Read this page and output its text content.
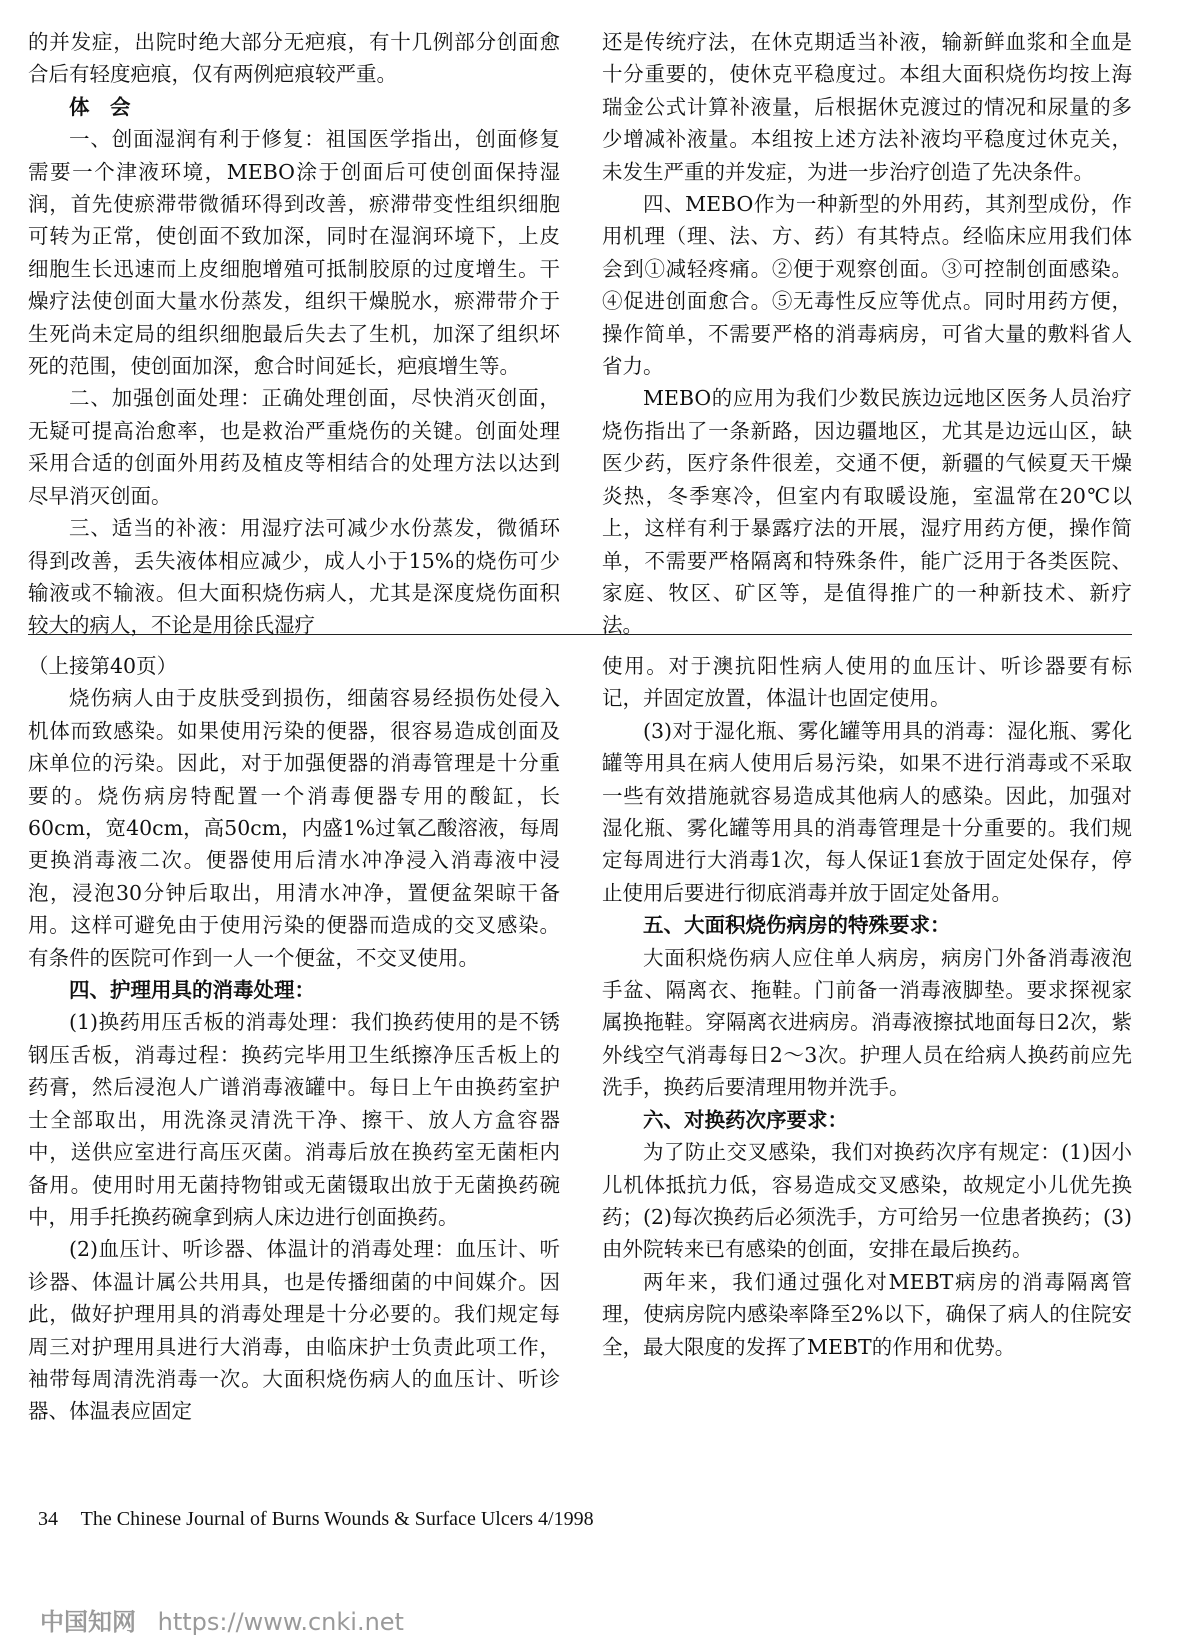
的并发症，出院时绝大部分无疤痕，有十几例部分创面愈合后有轻度疤痕，仅有两例疤痕较严重。

体　会

一、创面湿润有利于修复：祖国医学指出，创面修复需要一个津液环境，MEBO涂于创面后可使创面保持湿润，首先使瘀滞带微循环得到改善，瘀滞带变性组织细胞可转为正常，使创面不致加深，同时在湿润环境下，上皮细胞生长迅速而上皮细胞增殖可抵制胶原的过度增生。干燥疗法使创面大量水份蒸发，组织干燥脱水，瘀滞带介于生死尚未定局的组织细胞最后失去了生机，加深了组织坏死的范围，使创面加深，愈合时间延长，疤痕增生等。

二、加强创面处理：正确处理创面，尽快消灭创面，无疑可提高治愈率，也是救治严重烧伤的关键。创面处理采用合适的创面外用药及植皮等相结合的处理方法以达到尽早消灭创面。

三、适当的补液：用湿疗法可减少水份蒸发，微循环得到改善，丢失液体相应减少，成人小于15%的烧伤可少输液或不输液。但大面积烧伤病人，尤其是深度烧伤面积较大的病人，不论是用徐氏湿疗

还是传统疗法，在休克期适当补液，输新鲜血浆和全血是十分重要的，使休克平稳度过。本组大面积烧伤均按上海瑞金公式计算补液量，后根据休克渡过的情况和尿量的多少增减补液量。本组按上述方法补液均平稳度过休克关，未发生严重的并发症，为进一步治疗创造了先决条件。

四、MEBO作为一种新型的外用药，其剂型成份，作用机理（理、法、方、药）有其特点。经临床应用我们体会到①减轻疼痛。②便于观察创面。③可控制创面感染。④促进创面愈合。⑤无毒性反应等优点。同时用药方便，操作简单，不需要严格的消毒病房，可省大量的敷料省人省力。

MEBO的应用为我们少数民族边远地区医务人员治疗烧伤指出了一条新路，因边疆地区，尤其是边远山区，缺医少药，医疗条件很差，交通不便，新疆的气候夏天干燥炎热，冬季寒冷，但室内有取暖设施，室温常在20℃以上，这样有利于暴露疗法的开展，湿疗用药方便，操作简单，不需要严格隔离和特殊条件，能广泛用于各类医院、家庭、牧区、矿区等，是值得推广的一种新技术、新疗法。

（上接第40页）

烧伤病人由于皮肤受到损伤，细菌容易经损伤处侵入机体而致感染。如果使用污染的便器，很容易造成创面及床单位的污染。因此，对于加强便器的消毒管理是十分重要的。烧伤病房特配置一个消毒便器专用的酸缸，长60cm，宽40cm，高50cm，内盛1%过氧乙酸溶液，每周更换消毒液二次。便器使用后清水冲净浸入消毒液中浸泡，浸泡30分钟后取出，用清水冲净，置便盆架晾干备用。这样可避免由于使用污染的便器而造成的交叉感染。有条件的医院可作到一人一个便盆，不交叉使用。

四、护理用具的消毒处理：

(1)换药用压舌板的消毒处理：我们换药使用的是不锈钢压舌板，消毒过程：换药完毕用卫生纸擦净压舌板上的药膏，然后浸泡人广谱消毒液罐中。每日上午由换药室护士全部取出，用洗涤灵清洗干净、擦干、放人方盒容器中，送供应室进行高压灭菌。消毒后放在换药室无菌柜内备用。使用时用无菌持物钳或无菌镊取出放于无菌换药碗中，用手托换药碗拿到病人床边进行创面换药。

(2)血压计、听诊器、体温计的消毒处理：血压计、听诊器、体温计属公共用具，也是传播细菌的中间媒介。因此，做好护理用具的消毒处理是十分必要的。我们规定每周三对护理用具进行大消毒，由临床护士负责此项工作，袖带每周清洗消毒一次。大面积烧伤病人的血压计、听诊器、体温表应固定

使用。对于澳抗阳性病人使用的血压计、听诊器要有标记，并固定放置，体温计也固定使用。

(3)对于湿化瓶、雾化罐等用具的消毒：湿化瓶、雾化罐等用具在病人使用后易污染，如果不进行消毒或不采取一些有效措施就容易造成其他病人的感染。因此，加强对湿化瓶、雾化罐等用具的消毒管理是十分重要的。我们规定每周进行大消毒1次，每人保证1套放于固定处保存，停止使用后要进行彻底消毒并放于固定处备用。

五、大面积烧伤病房的特殊要求：

大面积烧伤病人应住单人病房，病房门外备消毒液泡手盆、隔离衣、拖鞋。门前备一消毒液脚垫。要求探视家属换拖鞋。穿隔离衣进病房。消毒液擦拭地面每日2次，紫外线空气消毒每日2～3次。护理人员在给病人换药前应先洗手，换药后要清理用物并洗手。

六、对换药次序要求：

为了防止交叉感染，我们对换药次序有规定：(1)因小儿机体抵抗力低，容易造成交叉感染，故规定小儿优先换药；(2)每次换药后必须洗手，方可给另一位患者换药；(3)由外院转来已有感染的创面，安排在最后换药。

两年来，我们通过强化对MEBT病房的消毒隔离管理，使病房院内感染率降至2%以下，确保了病人的住院安全，最大限度的发挥了MEBT的作用和优势。

34 The Chinese Journal of Burns Wounds & Surface Ulcers 4/1998
中国知网 https://www.cnki.net
